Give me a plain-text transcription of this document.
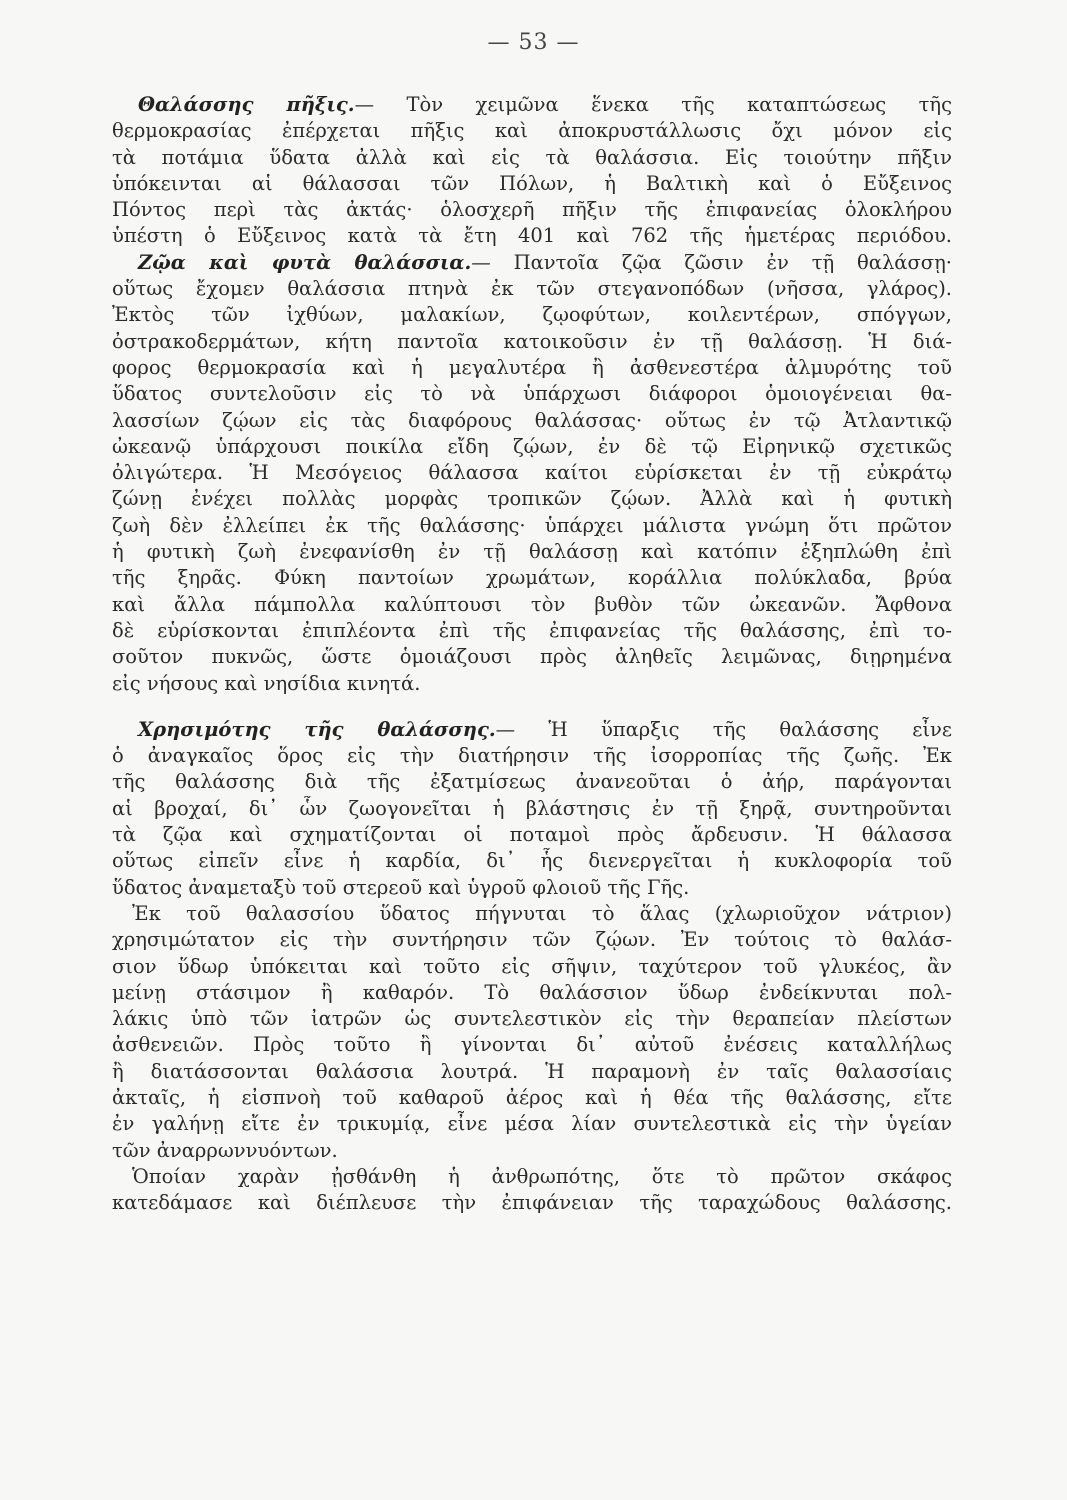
— 53 —
Θαλάσσης πῆξις.— Τὸν χειμῶνα ἕνεκα τῆς καταπτώσεως τῆς
θερμοκρασίας ἐπέρχεται πῆξις καὶ ἀποκρυστάλλωσις ὄχι μόνον εἰς
τὰ ποτάμια ὕδατα ἀλλὰ καὶ εἰς τὰ θαλάσσια. Εἰς τοιούτην πῆξιν
ὑπόκεινται αἱ θάλασσαι τῶν Πόλων, ἡ Βαλτικὴ καὶ ὁ Εὔξεινος
Πόντος περὶ τὰς ἀκτάς· ὁλοσχερῆ πῆξιν τῆς ἐπιφανείας ὁλοκλήρου
ὑπέστη ὁ Εὔξεινος κατὰ τὰ ἔτη 401 καὶ 762 τῆς ἡμετέρας περιόδου.
Ζῷα καὶ φυτὰ θαλάσσια.— Παντοῖα ζῷα ζῶσιν ἐν τῇ θαλάσσῃ·
οὕτως ἔχομεν θαλάσσια πτηνὰ ἐκ τῶν στεγανοπόδων (νῆσσα, γλάρος).
Ἐκτὸς τῶν ἰχθύων, μαλακίων, ζῳοφύτων, κοιλεντέρων, σπόγγων,
ὀστρακοδερμάτων, κήτη παντοῖα κατοικοῦσιν ἐν τῇ θαλάσσῃ. Ἡ διά-
φορος θερμοκρασία καὶ ἡ μεγαλυτέρα ἢ ἀσθενεστέρα ἁλμυρότης τοῦ
ὕδατος συντελοῦσιν εἰς τὸ νὰ ὑπάρχωσι διάφοροι ὁμοιογένειαι θα-
λασσίων ζῴων εἰς τὰς διαφόρους θαλάσσας· οὕτως ἐν τῷ Ἀτλαντικῷ
ὠκεανῷ ὑπάρχουσι ποικίλα εἴδη ζῴων, ἐν δὲ τῷ Εἰρηνικῷ σχετικῶς
ὀλιγώτερα. Ἡ Μεσόγειος θάλασσα καίτοι εὑρίσκεται ἐν τῇ εὐκράτῳ
ζώνῃ ἐνέχει πολλὰς μορφὰς τροπικῶν ζῴων. Ἀλλὰ καὶ ἡ φυτικὴ
ζωὴ δὲν ἐλλείπει ἐκ τῆς θαλάσσης· ὑπάρχει μάλιστα γνώμη ὅτι πρῶτον
ἡ φυτικὴ ζωὴ ἐνεφανίσθη ἐν τῇ θαλάσσῃ καὶ κατόπιν ἐξηπλώθη ἐπὶ
τῆς ξηρᾶς. Φύκη παντοίων χρωμάτων, κοράλλια πολύκλαδα, βρύα
καὶ ἄλλα πάμπολλα καλύπτουσι τὸν βυθὸν τῶν ὠκεανῶν. Ἄφθονα
δὲ εὑρίσκονται ἐπιπλέοντα ἐπὶ τῆς ἐπιφανείας τῆς θαλάσσης, ἐπὶ το-
σοῦτον πυκνῶς, ὥστε ὁμοιάζουσι πρὸς ἀληθεῖς λειμῶνας, διῃρημένα
εἰς νήσους καὶ νησίδια κινητά.
Χρησιμότης τῆς θαλάσσης.— Ἡ ὕπαρξις τῆς θαλάσσης εἶνε
ὁ ἀναγκαῖος ὅρος εἰς τὴν διατήρησιν τῆς ἰσορροπίας τῆς ζωῆς. Ἐκ
τῆς θαλάσσης διὰ τῆς ἐξατμίσεως ἀνανεοῦται ὁ ἀήρ, παράγονται
αἱ βροχαί, δι᾿ ὧν ζωογονεῖται ἡ βλάστησις ἐν τῇ ξηρᾷ, συντηροῦνται
τὰ ζῷα καὶ σχηματίζονται οἱ ποταμοὶ πρὸς ἄρδευσιν. Ἡ θάλασσα
οὕτως εἰπεῖν εἶνε ἡ καρδία, δι᾿ ἧς διενεργεῖται ἡ κυκλοφορία τοῦ
ὕδατος ἀναμεταξὺ τοῦ στερεοῦ καὶ ὑγροῦ φλοιοῦ τῆς Γῆς.
Ἐκ τοῦ θαλασσίου ὕδατος πήγνυται τὸ ἅλας (χλωριοῦχον νάτριον)
χρησιμώτατον εἰς τὴν συντήρησιν τῶν ζῴων. Ἐν τούτοις τὸ θαλάσ-
σιον ὕδωρ ὑπόκειται καὶ τοῦτο εἰς σῆψιν, ταχύτερον τοῦ γλυκέος, ἂν
μείνῃ στάσιμον ἢ καθαρόν. Τὸ θαλάσσιον ὕδωρ ἐνδείκνυται πολ-
λάκις ὑπὸ τῶν ἰατρῶν ὡς συντελεστικὸν εἰς τὴν θεραπείαν πλείστων
ἀσθενειῶν. Πρὸς τοῦτο ἢ γίνονται δι᾿ αὐτοῦ ἐνέσεις καταλλήλως
ἢ διατάσσονται θαλάσσια λουτρά. Ἡ παραμονὴ ἐν ταῖς θαλασσίαις
ἀκταῖς, ἡ εἰσπνοὴ τοῦ καθαροῦ ἀέρος καὶ ἡ θέα τῆς θαλάσσης, εἴτε
ἐν γαλήνῃ εἴτε ἐν τρικυμίᾳ, εἶνε μέσα λίαν συντελεστικὰ εἰς τὴν ὑγείαν
τῶν ἀναρρωννυόντων.
Ὁποίαν χαρὰν ᾐσθάνθη ἡ ἀνθρωπότης, ὅτε τὸ πρῶτον σκάφος
κατεδάμασε καὶ διέπλευσε τὴν ἐπιφάνειαν τῆς ταραχώδους θαλάσσης.
